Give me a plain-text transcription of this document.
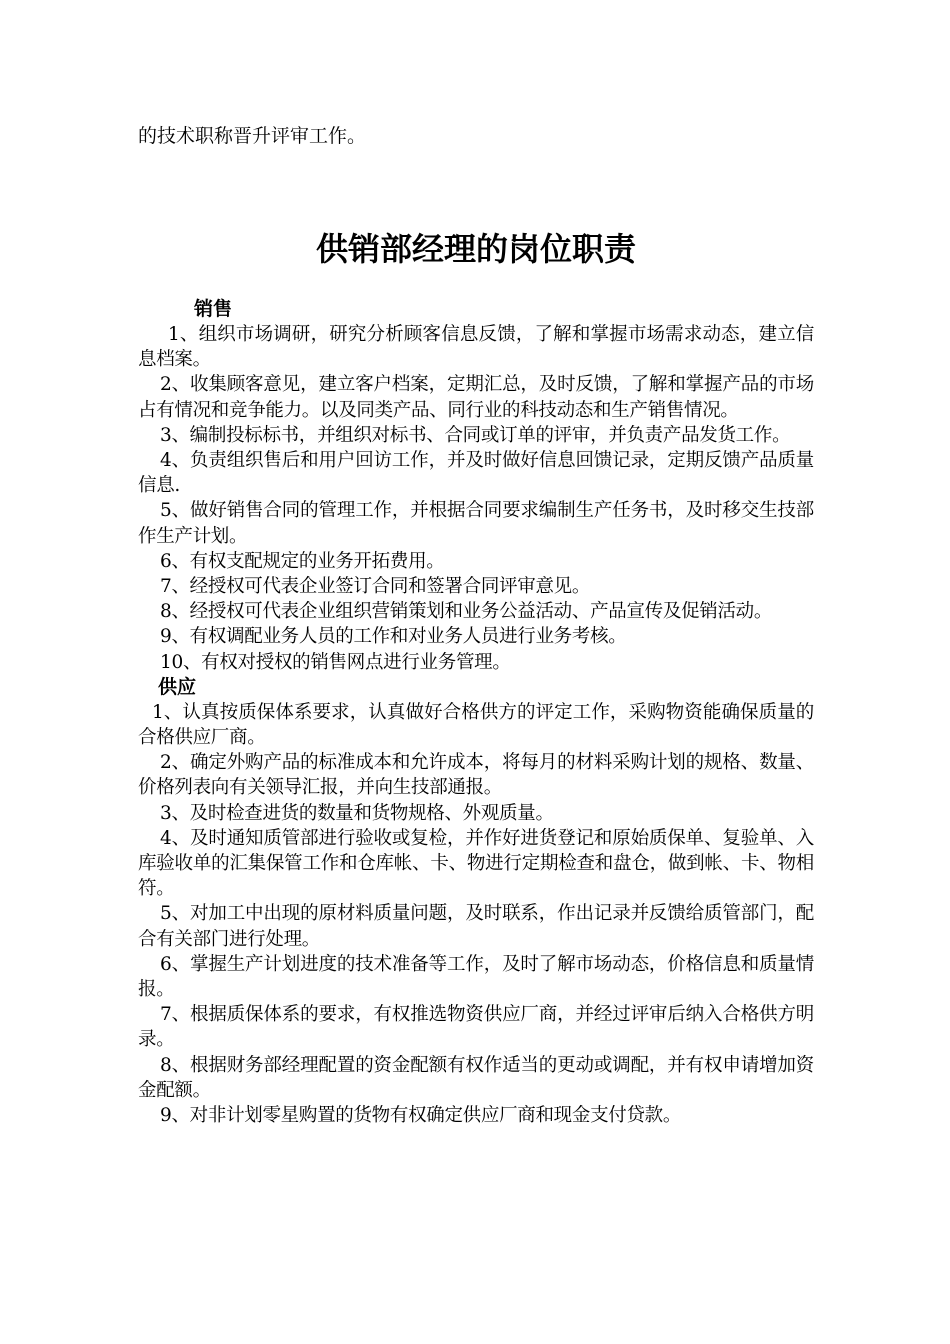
的技术职称晋升评审工作。

供销部经理的岗位职责
销售

1、组织市场调研，研究分析顾客信息反馈，了解和掌握市场需求动态，建立信息档案。

2、收集顾客意见，建立客户档案，定期汇总，及时反馈，了解和掌握产品的市场占有情况和竞争能力。以及同类产品、同行业的科技动态和生产销售情况。

3、编制投标标书，并组织对标书、合同或订单的评审，并负责产品发货工作。

4、负责组织售后和用户回访工作，并及时做好信息回馈记录，定期反馈产品质量信息.

5、做好销售合同的管理工作，并根据合同要求编制生产任务书，及时移交生技部作生产计划。

6、有权支配规定的业务开拓费用。

7、经授权可代表企业签订合同和签署合同评审意见。

8、经授权可代表企业组织营销策划和业务公益活动、产品宣传及促销活动。

9、有权调配业务人员的工作和对业务人员进行业务考核。

10、有权对授权的销售网点进行业务管理。

供应

1、认真按质保体系要求，认真做好合格供方的评定工作，采购物资能确保质量的合格供应厂商。

2、确定外购产品的标准成本和允许成本，将每月的材料采购计划的规格、数量、价格列表向有关领导汇报，并向生技部通报。

3、及时检查进货的数量和货物规格、外观质量。

4、及时通知质管部进行验收或复检，并作好进货登记和原始质保单、复验单、入库验收单的汇集保管工作和仓库帐、卡、物进行定期检查和盘仓，做到帐、卡、物相符。

5、对加工中出现的原材料质量问题，及时联系，作出记录并反馈给质管部门，配合有关部门进行处理。

6、掌握生产计划进度的技术准备等工作，及时了解市场动态，价格信息和质量情报。

7、根据质保体系的要求，有权推选物资供应厂商，并经过评审后纳入合格供方明录。

8、根据财务部经理配置的资金配额有权作适当的更动或调配，并有权申请增加资金配额。

9、对非计划零星购置的货物有权确定供应厂商和现金支付贷款。
